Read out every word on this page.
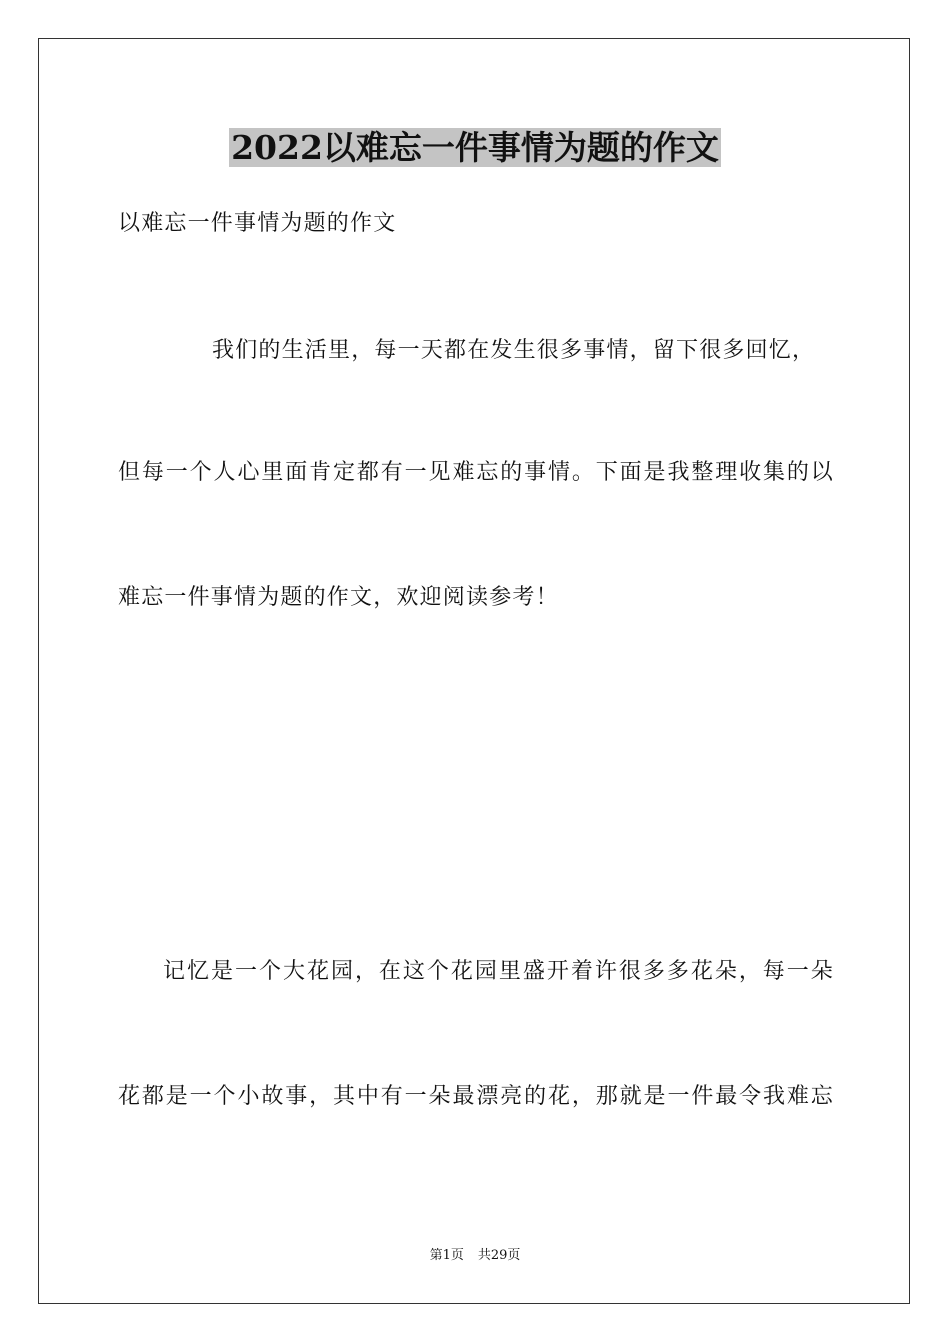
2022以难忘一件事情为题的作文

以难忘一件事情为题的作文

我们的生活里，每一天都在发生很多事情，留下很多回忆，

但每一个人心里面肯定都有一见难忘的事情。下面是我整理收集的以

难忘一件事情为题的作文，欢迎阅读参考！

记忆是一个大花园，在这个花园里盛开着许很多多花朵，每一朵

花都是一个小故事，其中有一朵最漂亮的花，那就是一件最令我难忘

第1页 共29页
